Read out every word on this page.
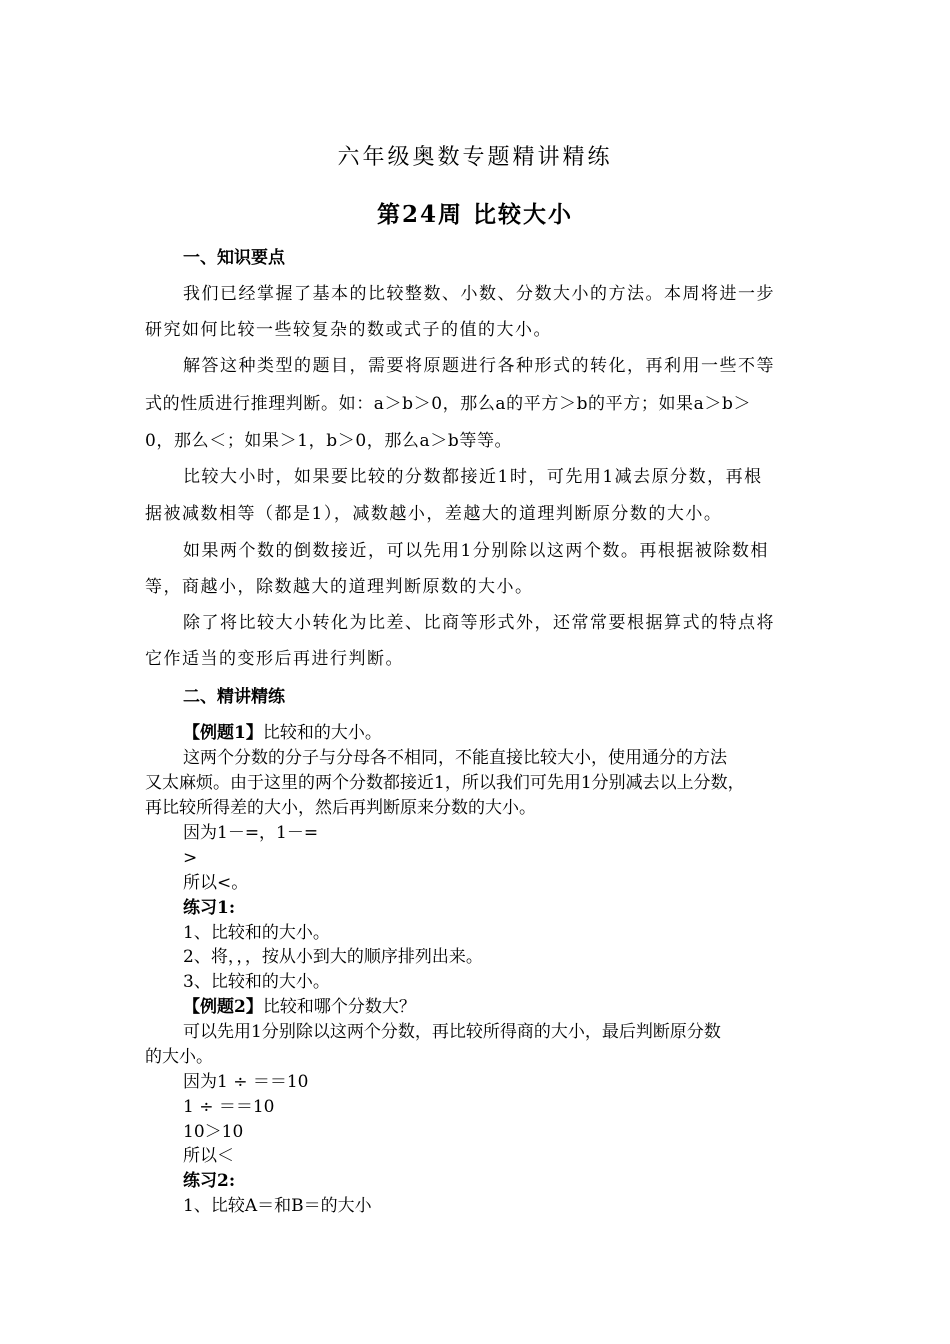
六年级奥数专题精讲精练
第24周 比较大小
一、知识要点
我们已经掌握了基本的比较整数、小数、分数大小的方法。本周将进一步
研究如何比较一些较复杂的数或式子的值的大小。
解答这种类型的题目，需要将原题进行各种形式的转化，再利用一些不等
式的性质进行推理判断。如：a＞b＞0，那么a的平方＞b的平方；如果a＞b＞
0，那么＜；如果＞1，b＞0，那么a＞b等等。
比较大小时，如果要比较的分数都接近1时，可先用1减去原分数，再根
据被减数相等（都是1），减数越小，差越大的道理判断原分数的大小。
如果两个数的倒数接近，可以先用1分别除以这两个数。再根据被除数相
等，商越小，除数越大的道理判断原数的大小。
除了将比较大小转化为比差、比商等形式外，还常常要根据算式的特点将
它作适当的变形后再进行判断。
二、精讲精练
【例题1】比较和的大小。
这两个分数的分子与分母各不相同，不能直接比较大小，使用通分的方法
又太麻烦。由于这里的两个分数都接近1，所以我们可先用1分别减去以上分数，
再比较所得差的大小，然后再判断原来分数的大小。
因为1－=，1－=
>
所以<。
练习1:
1、比较和的大小。
2、将，，，按从小到大的顺序排列出来。
3、比较和的大小。
【例题2】比较和哪个分数大？
可以先用1分别除以这两个分数，再比较所得商的大小，最后判断原分数
的大小。
因为1 ÷ ＝＝10
1 ÷ ＝＝10
10＞10
所以＜
练习2:
1、比较A＝和B＝的大小
